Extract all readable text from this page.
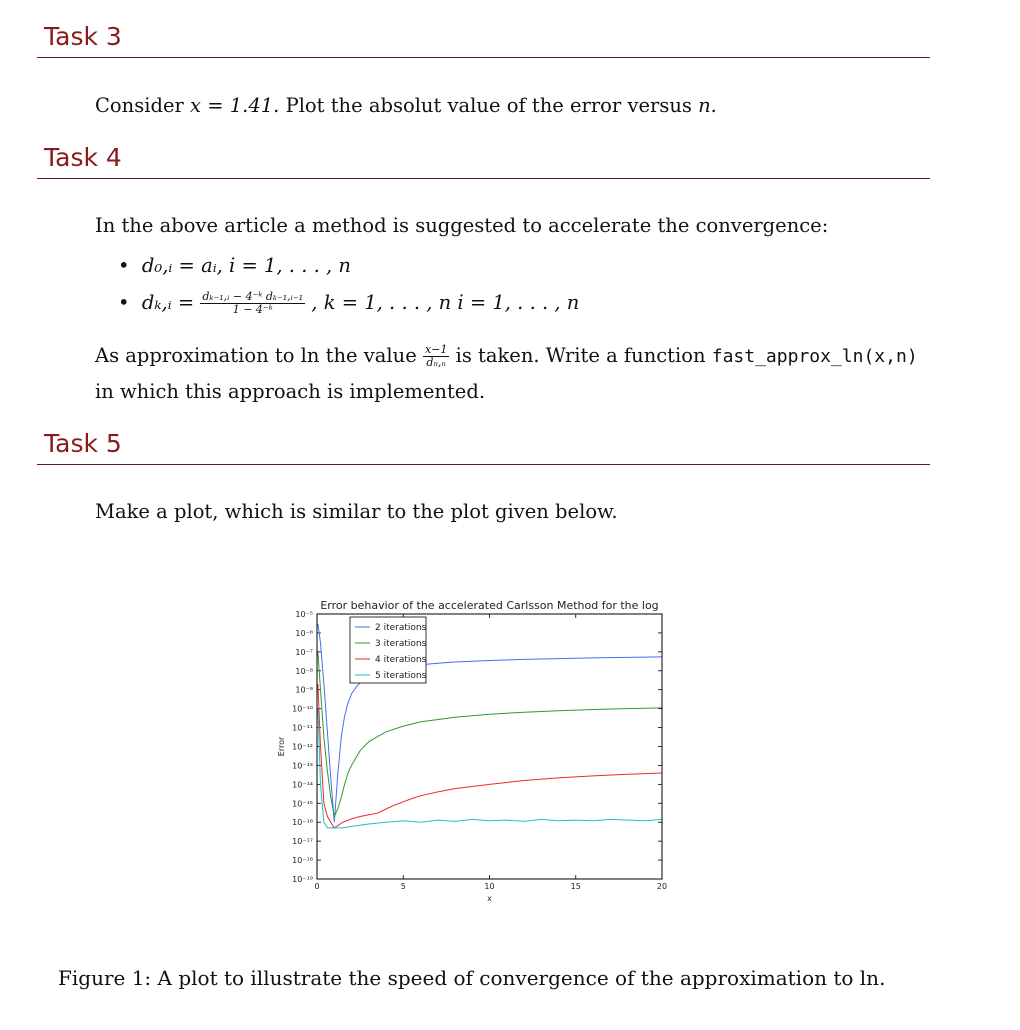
Task 3
Consider x = 1.41. Plot the absolut value of the error versus n.
Task 4
In the above article a method is suggested to accelerate the convergence:
• d₀,ᵢ = aᵢ, i = 1, . . . , n
• dₖ,ᵢ = $\frac{\text{dₖ₋₁,ᵢ − 4⁻ᵏ dₖ₋₁,ᵢ₋₁}}{\text{1 − 4⁻ᵏ}}$ , k = 1, . . . , n i = 1, . . . , n
As approximation to ln the value $\frac{x-1}{\text{dₙ,ₙ}}$ is taken. Write a function fast_approx_ln(x,n)
in which this approach is implemented.
Task 5
Make a plot, which is similar to the plot given below.
Error behavior of the accelerated Carlsson Method for the log
10⁻⁵
10⁻⁶
10⁻⁷
10⁻⁸
10⁻⁹
10⁻¹⁰
10⁻¹¹
10⁻¹²
10⁻¹³
10⁻¹⁴
10⁻¹⁵
10⁻¹⁶
10⁻¹⁷
10⁻¹⁸
10⁻¹⁹
0	5	10	15	20
x
Error
2 iterations
3 iterations
4 iterations
5 iterations
Figure 1: A plot to illustrate the speed of convergence of the approximation to ln.
